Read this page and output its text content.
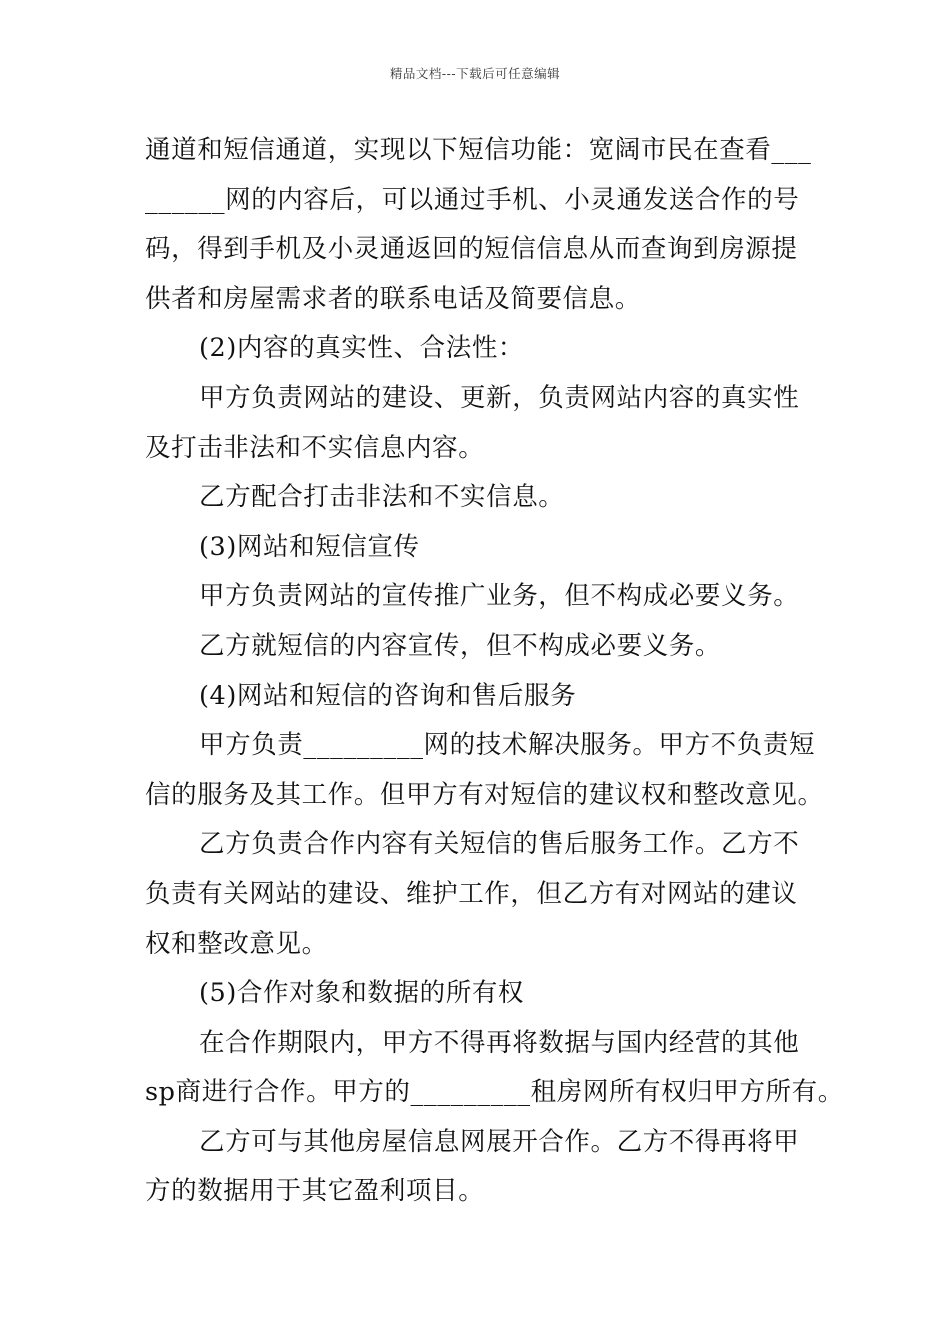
精品文档---下载后可任意编辑

通道和短信通道，实现以下短信功能：宽阔市民在查看___

______网的内容后，可以通过手机、小灵通发送合作的号

码，得到手机及小灵通返回的短信信息从而查询到房源提

供者和房屋需求者的联系电话及简要信息。

(2)内容的真实性、合法性：

甲方负责网站的建设、更新，负责网站内容的真实性

及打击非法和不实信息内容。

乙方配合打击非法和不实信息。

(3)网站和短信宣传

甲方负责网站的宣传推广业务，但不构成必要义务。

乙方就短信的内容宣传，但不构成必要义务。

(4)网站和短信的咨询和售后服务

甲方负责_________网的技术解决服务。甲方不负责短

信的服务及其工作。但甲方有对短信的建议权和整改意见。

乙方负责合作内容有关短信的售后服务工作。乙方不

负责有关网站的建设、维护工作，但乙方有对网站的建议

权和整改意见。

(5)合作对象和数据的所有权

在合作期限内，甲方不得再将数据与国内经营的其他

sp商进行合作。甲方的_________租房网所有权归甲方所有。

乙方可与其他房屋信息网展开合作。乙方不得再将甲

方的数据用于其它盈利项目。
